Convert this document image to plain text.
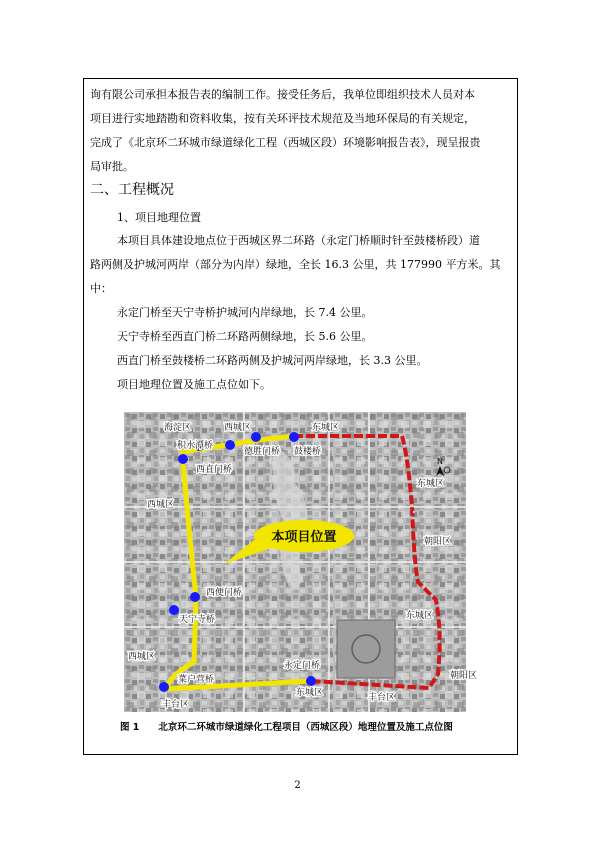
询有限公司承担本报告表的编制工作。接受任务后，我单位即组织技术人员对本
项目进行实地踏勘和资料收集，按有关环评技术规范及当地环保局的有关规定，
完成了《北京环二环城市绿道绿化工程（西城区段）环境影响报告表》，现呈报贵
局审批。
二、工程概况
1、项目地理位置
本项目具体建设地点位于西城区界二环路（永定门桥顺时针至鼓楼桥段）道
路两侧及护城河两岸（部分为内岸）绿地，全长 16.3 公里，共 177990 平方米。其
中：
永定门桥至天宁寺桥护城河内岸绿地，长 7.4 公里。
天宁寺桥至西直门桥二环路两侧绿地，长 5.6 公里。
西直门桥至鼓楼桥二环路两侧及护城河两岸绿地，长 3.3 公里。
项目地理位置及施工点位如下。
本项目位置
N
海淀区	西城区	东城区
东城区
朝阳区
西城区
东城区
西城区
朝阳区
东城区
丰台区
丰台区
积水潭桥
德胜门桥 鼓楼桥
西直门桥
西便门桥
天宁寺桥
永定门桥
菜户营桥
图 1　　北京环二环城市绿道绿化工程项目（西城区段）地理位置及施工点位图
2
